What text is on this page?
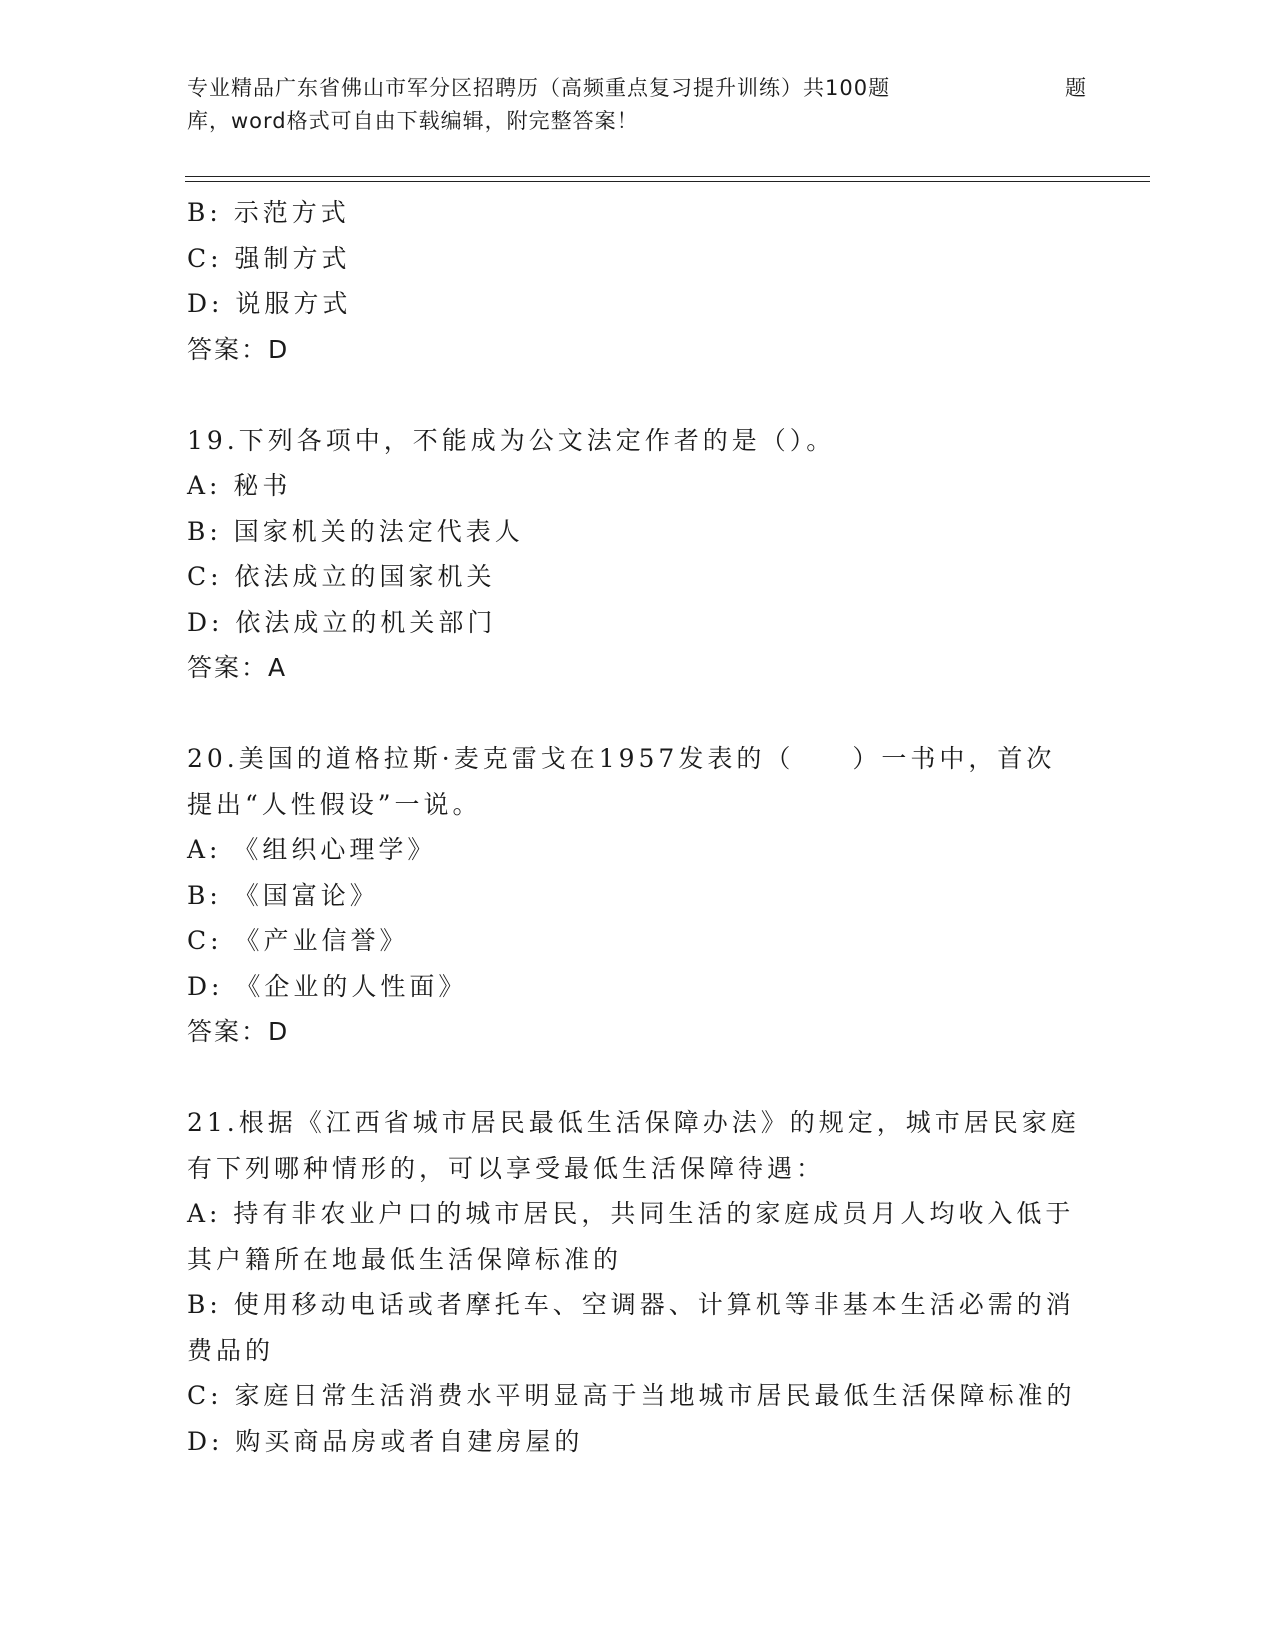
专业精品广东省佛山市军分区招聘历（高频重点复习提升训练）共100题	题
库，word格式可自由下载编辑，附完整答案！
B: 示范方式
C: 强制方式
D: 说服方式
答案：D
19.下列各项中，不能成为公文法定作者的是（）。
A: 秘书
B: 国家机关的法定代表人
C: 依法成立的国家机关
D: 依法成立的机关部门
答案：A
20.美国的道格拉斯·麦克雷戈在1957发表的（　　）一书中，首次
提出“人性假设”一说。
A: 《组织心理学》
B: 《国富论》
C: 《产业信誉》
D: 《企业的人性面》
答案：D
21.根据《江西省城市居民最低生活保障办法》的规定，城市居民家庭
有下列哪种情形的，可以享受最低生活保障待遇：
A: 持有非农业户口的城市居民，共同生活的家庭成员月人均收入低于
其户籍所在地最低生活保障标准的
B: 使用移动电话或者摩托车、空调器、计算机等非基本生活必需的消
费品的
C: 家庭日常生活消费水平明显高于当地城市居民最低生活保障标准的
D: 购买商品房或者自建房屋的
